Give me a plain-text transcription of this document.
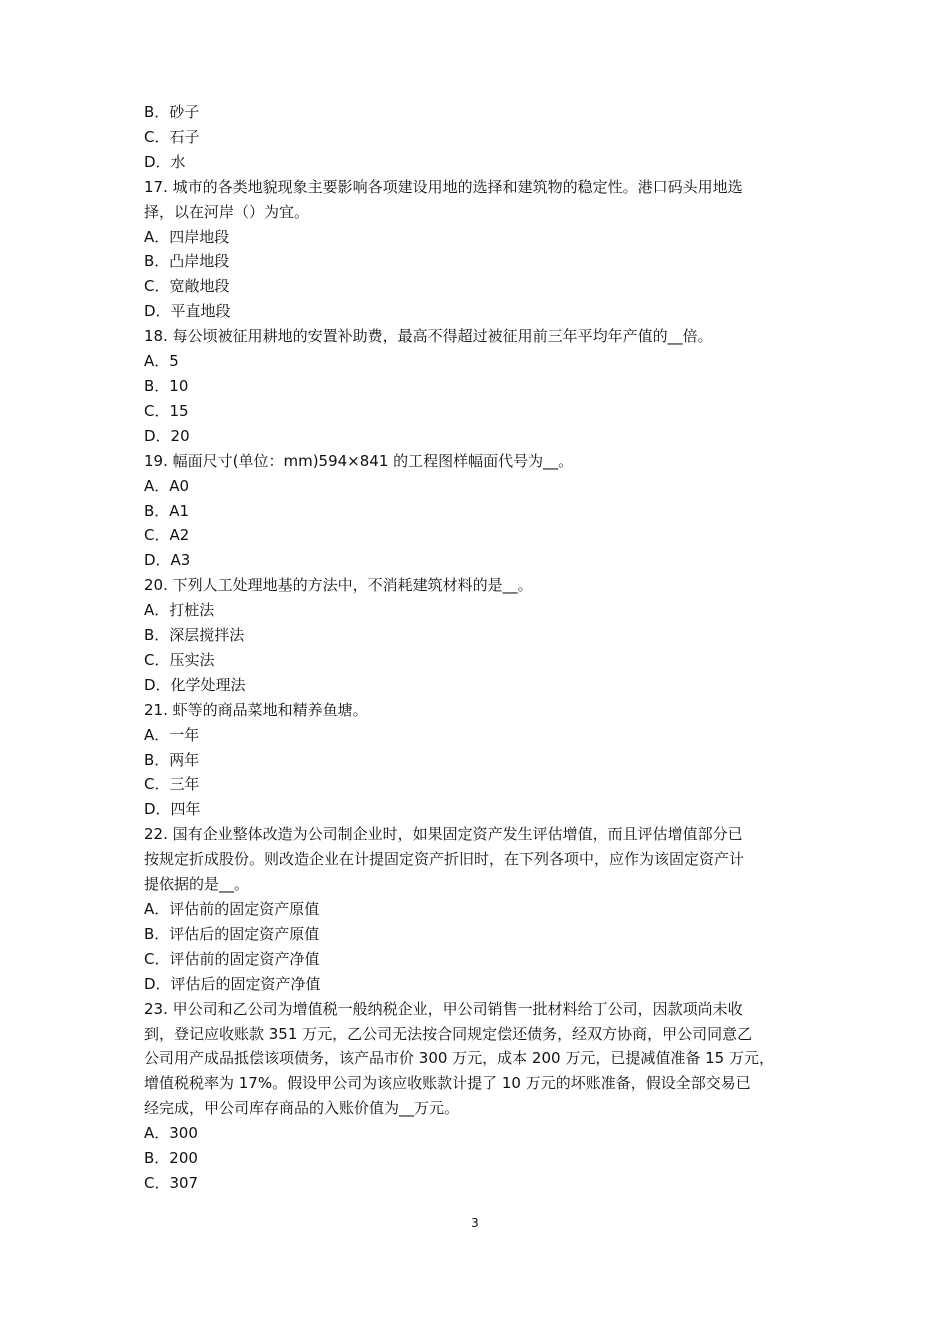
B．砂子
C．石子
D．水
17. 城市的各类地貌现象主要影响各项建设用地的选择和建筑物的稳定性。港口码头用地选
择，以在河岸（）为宜。
A．四岸地段
B．凸岸地段
C．宽敞地段
D．平直地段
18. 每公顷被征用耕地的安置补助费，最高不得超过被征用前三年平均年产值的__倍。
A．5
B．10
C．15
D．20
19. 幅面尺寸(单位：mm)594×841 的工程图样幅面代号为__。
A．A0
B．A1
C．A2
D．A3
20. 下列人工处理地基的方法中，不消耗建筑材料的是__。
A．打桩法
B．深层搅拌法
C．压实法
D．化学处理法
21. 虾等的商品菜地和精养鱼塘。
A．一年
B．两年
C．三年
D．四年
22. 国有企业整体改造为公司制企业时，如果固定资产发生评估增值，而且评估增值部分已
按规定折成股份。则改造企业在计提固定资产折旧时，在下列各项中，应作为该固定资产计
提依据的是__。
A．评估前的固定资产原值
B．评估后的固定资产原值
C．评估前的固定资产净值
D．评估后的固定资产净值
23. 甲公司和乙公司为增值税一般纳税企业，甲公司销售一批材料给丁公司，因款项尚未收
到，登记应收账款 351 万元，乙公司无法按合同规定偿还债务，经双方协商，甲公司同意乙
公司用产成品抵偿该项债务，该产品市价 300 万元，成本 200 万元，已提减值准备 15 万元，
增值税税率为 17%。假设甲公司为该应收账款计提了 10 万元的坏账准备，假设全部交易已
经完成，甲公司库存商品的入账价值为__万元。
A．300
B．200
C．307
3
